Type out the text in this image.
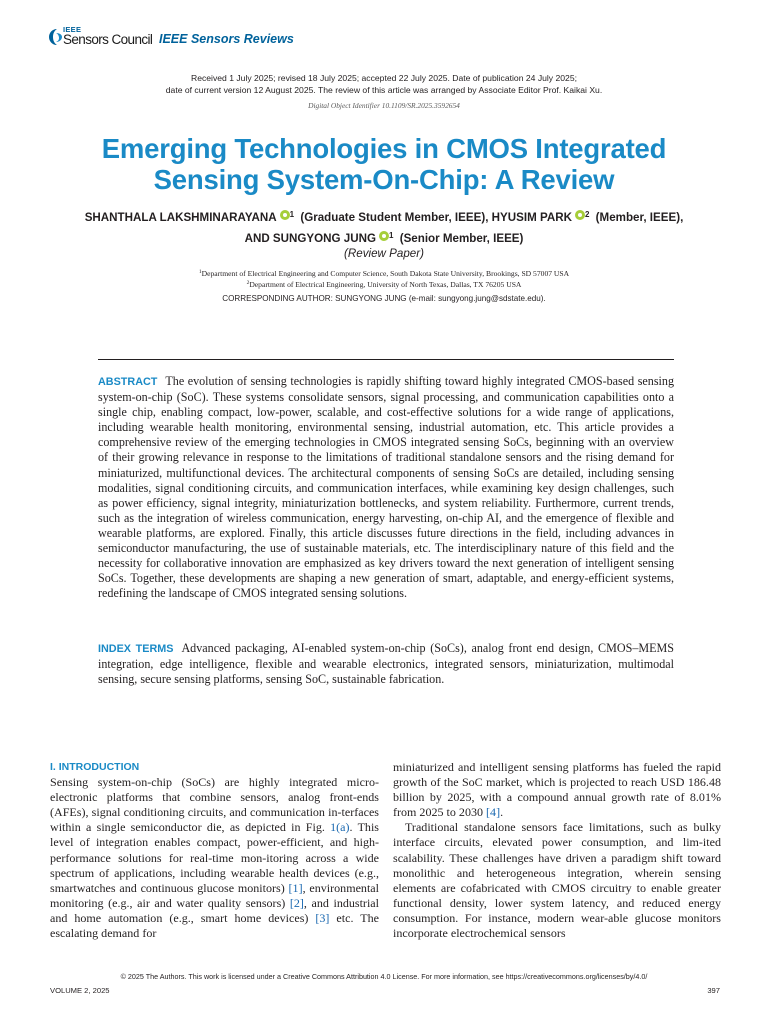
IEEE
Sensors Council IEEE Sensors Reviews
Received 1 July 2025; revised 18 July 2025; accepted 22 July 2025. Date of publication 24 July 2025;
date of current version 12 August 2025. The review of this article was arranged by Associate Editor Prof. Kaikai Xu.
Digital Object Identifier 10.1109/SR.2025.3592654
Emerging Technologies in CMOS Integrated
Sensing System-On-Chip: A Review
SHANTHALA LAKSHMINARAYANA $^1$ (Graduate Student Member, IEEE), HYUSIM PARK $^2$ (Member, IEEE),
AND SUNGYONG JUNG $^1$ (Senior Member, IEEE)
(Review Paper)
$^1$Department of Electrical Engineering and Computer Science, South Dakota State University, Brookings, SD 57007 USA
$^2$Department of Electrical Engineering, University of North Texas, Dallas, TX 76205 USA
CORRESPONDING AUTHOR: SUNGYONG JUNG (e-mail: sungyong.jung@sdstate.edu).
ABSTRACT The evolution of sensing technologies is rapidly shifting toward highly integrated CMOS-based sensing system-on-chip (SoC). These systems consolidate sensors, signal processing, and communication capabilities onto a single chip, enabling compact, low-power, scalable, and cost-effective solutions for a wide range of applications, including wearable health monitoring, environmental sensing, industrial automation, etc. This article provides a comprehensive review of the emerging technologies in CMOS integrated sensing SoCs, beginning with an overview of their growing relevance in response to the limitations of traditional standalone sensors and the rising demand for miniaturized, multifunctional devices. The architectural components of sensing SoCs are detailed, including sensing modalities, signal conditioning circuits, and communication interfaces, while examining key design challenges, such as power efficiency, signal integrity, miniaturization bottlenecks, and system reliability. Furthermore, current trends, such as the integration of wireless communication, energy harvesting, on-chip AI, and the emergence of flexible and wearable platforms, are explored. Finally, this article discusses future directions in the field, including advances in semiconductor manufacturing, the use of sustainable materials, etc. The interdisciplinary nature of this field and the necessity for collaborative innovation are emphasized as key drivers toward the next generation of intelligent sensing SoCs. Together, these developments are shaping a new generation of smart, adaptable, and energy-efficient systems, redefining the landscape of CMOS integrated sensing solutions.
INDEX TERMS Advanced packaging, AI-enabled system-on-chip (SoCs), analog front end design, CMOS–MEMS integration, edge intelligence, flexible and wearable electronics, integrated sensors, miniaturization, multimodal sensing, secure sensing platforms, sensing SoC, sustainable fabrication.
I. INTRODUCTION
Sensing system-on-chip (SoCs) are highly integrated micro-electronic platforms that combine sensors, analog front-ends (AFEs), signal conditioning circuits, and communication in-terfaces within a single semiconductor die, as depicted in Fig. 1(a). This level of integration enables compact, power-efficient, and high-performance solutions for real-time mon-itoring across a wide spectrum of applications, including wearable health devices (e.g., smartwatches and continuous glucose monitors) [1], environmental monitoring (e.g., air and water quality sensors) [2], and industrial and home automation (e.g., smart home devices) [3] etc. The escalating demand for
miniaturized and intelligent sensing platforms has fueled the rapid growth of the SoC market, which is projected to reach USD 186.48 billion by 2025, with a compound annual growth rate of 8.01% from 2025 to 2030 [4].
Traditional standalone sensors face limitations, such as bulky interface circuits, elevated power consumption, and lim-ited scalability. These challenges have driven a paradigm shift toward monolithic and heterogeneous integration, wherein sensing elements are cofabricated with CMOS circuitry to enable greater functional density, lower system latency, and reduced energy consumption. For instance, modern wear-able glucose monitors incorporate electrochemical sensors
© 2025 The Authors. This work is licensed under a Creative Commons Attribution 4.0 License. For more information, see https://creativecommons.org/licenses/by/4.0/
VOLUME 2, 2025	397
